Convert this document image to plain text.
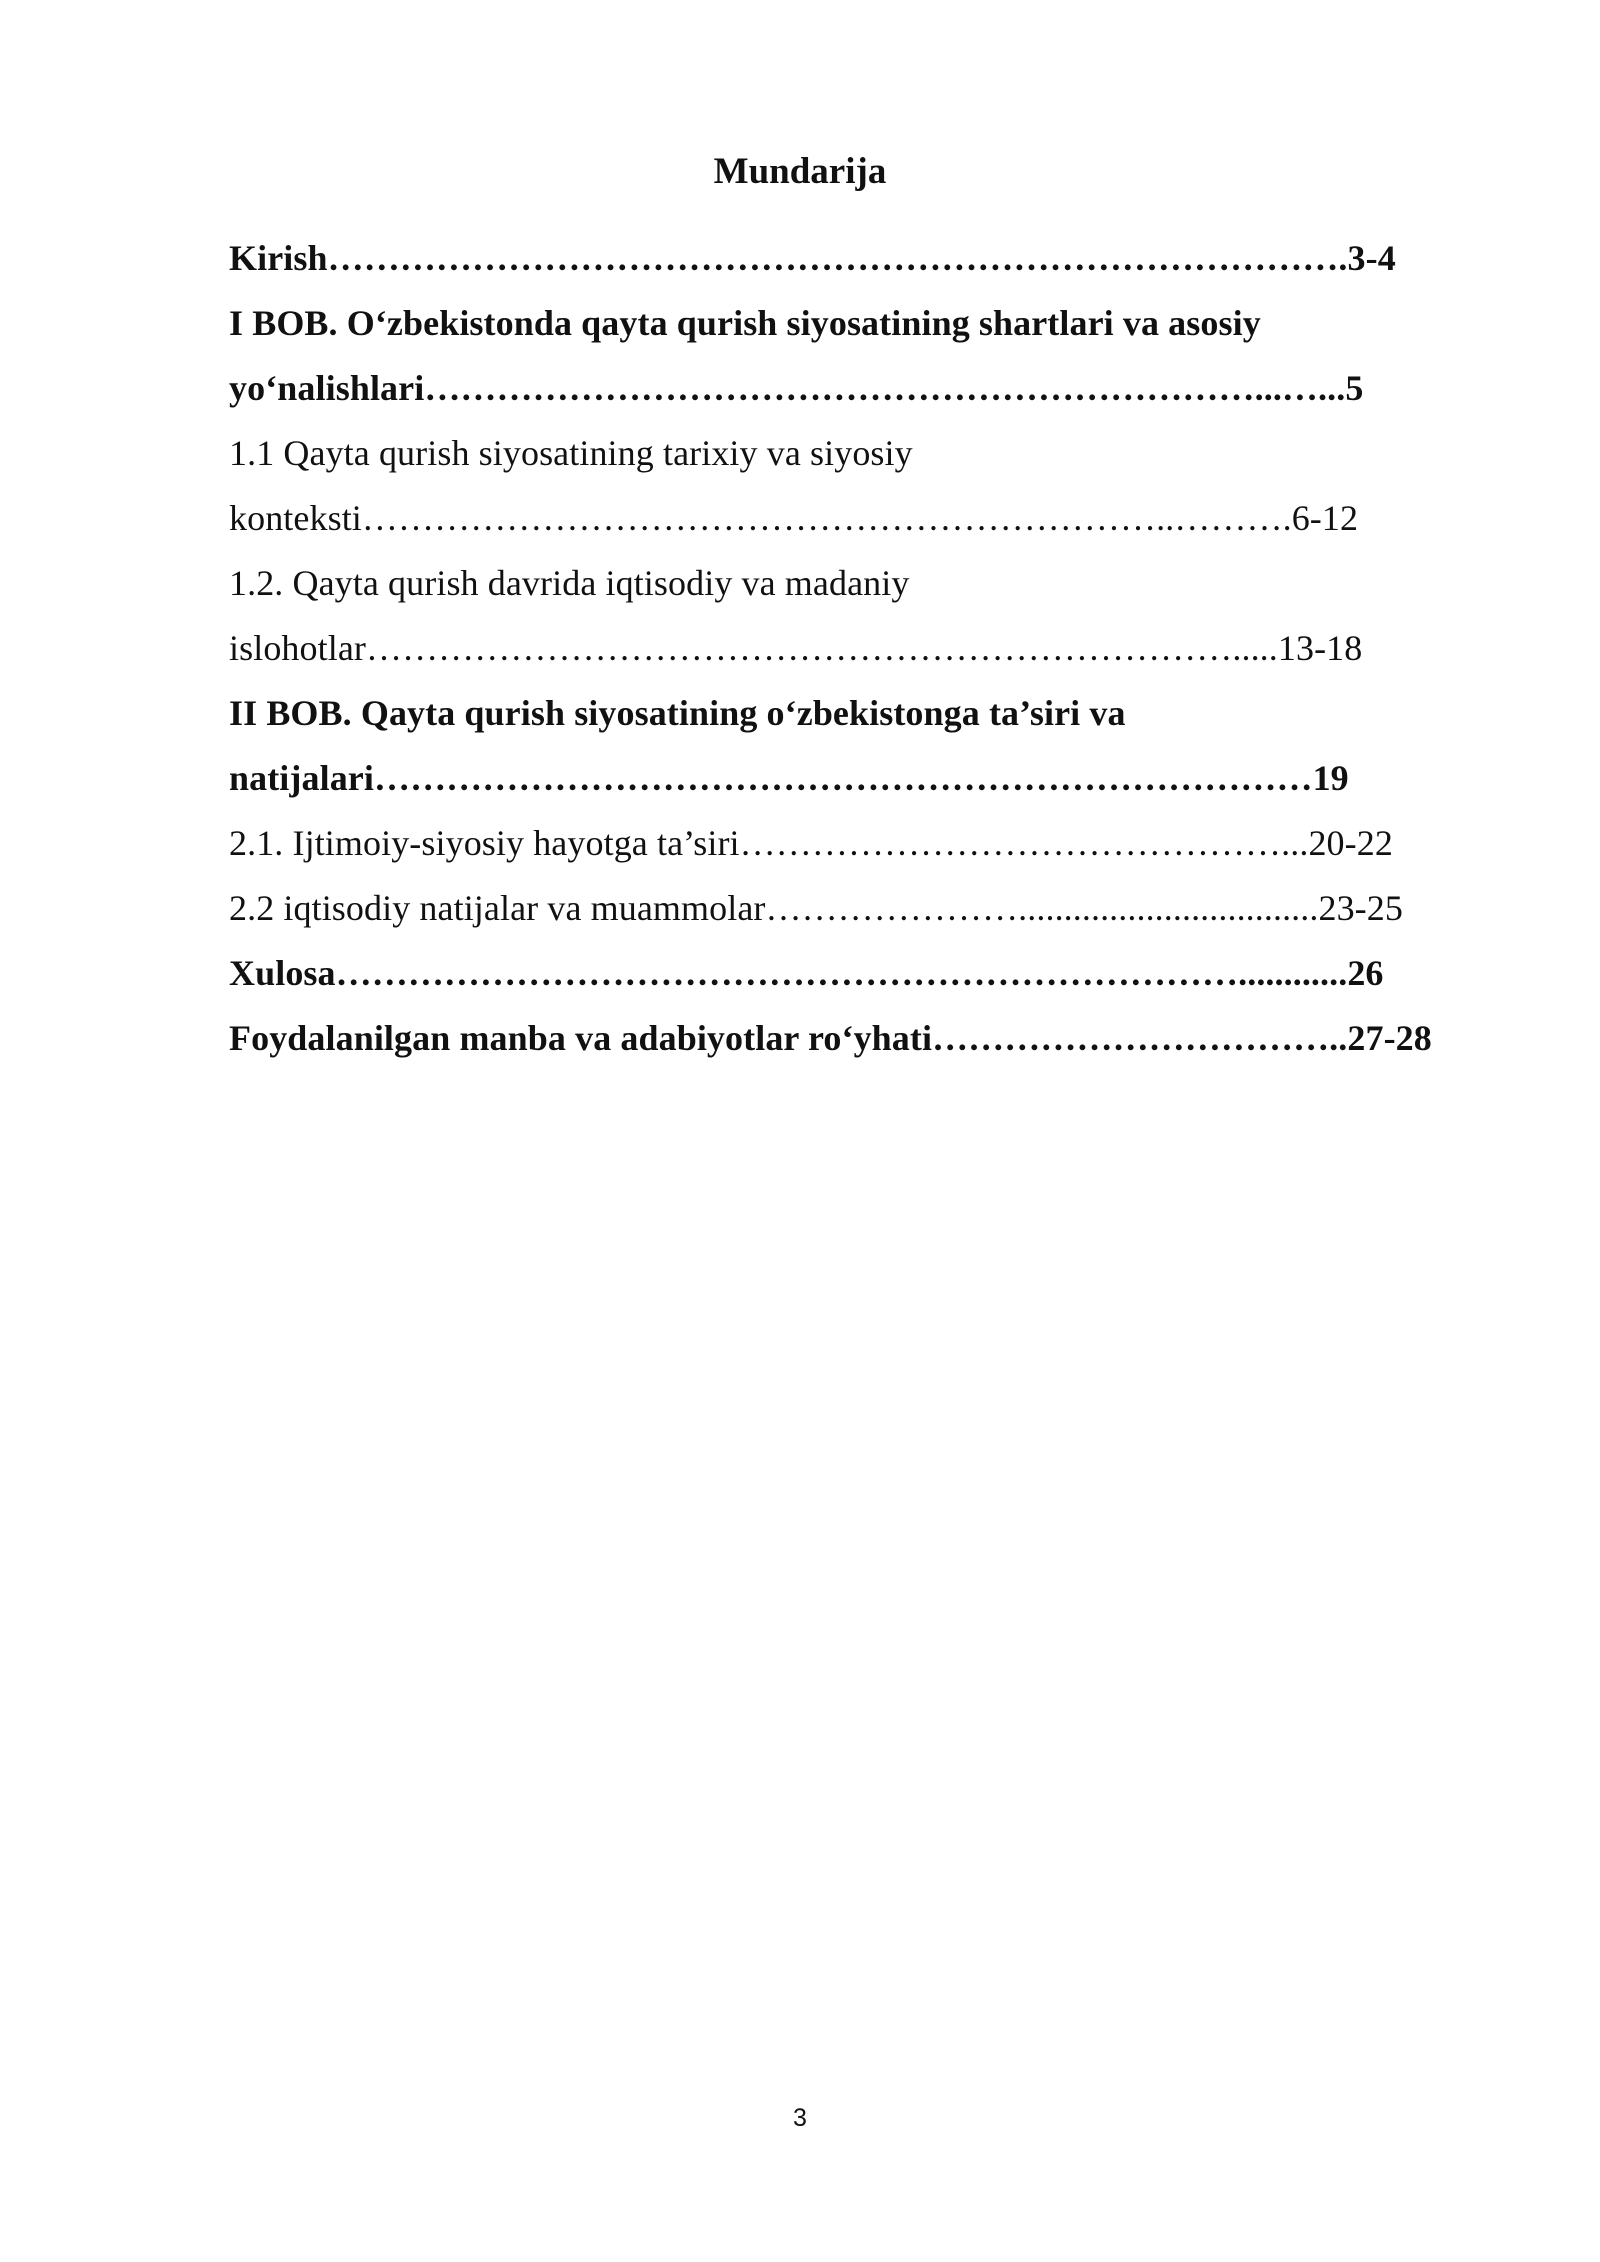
Mundarija
Kirish………………………………………………………………………….3-4
I BOB. O‘zbekistonda qayta qurish siyosatining shartlari va asosiy
yo‘nalishlari……………………………………………………………...…...5
1.1 Qayta qurish siyosatining tarixiy va siyosiy
konteksti…………………………………………………………..……….6-12
1.2. Qayta qurish davrida iqtisodiy va madaniy
islohotlar……………………………………………………………….....13-18
II BOB. Qayta qurish siyosatining o‘zbekistonga ta’siri va
natijalari……………………………………………………………………19
2.1. Ijtimoiy-siyosiy hayotga ta’siri………………………………………...20-22
2.2 iqtisodiy natijalar va muammolar………………….................................23-25
Xulosa…………………………………………………………………............26
Foydalanilgan manba va adabiyotlar ro‘yhati……………………………..27-28
3
